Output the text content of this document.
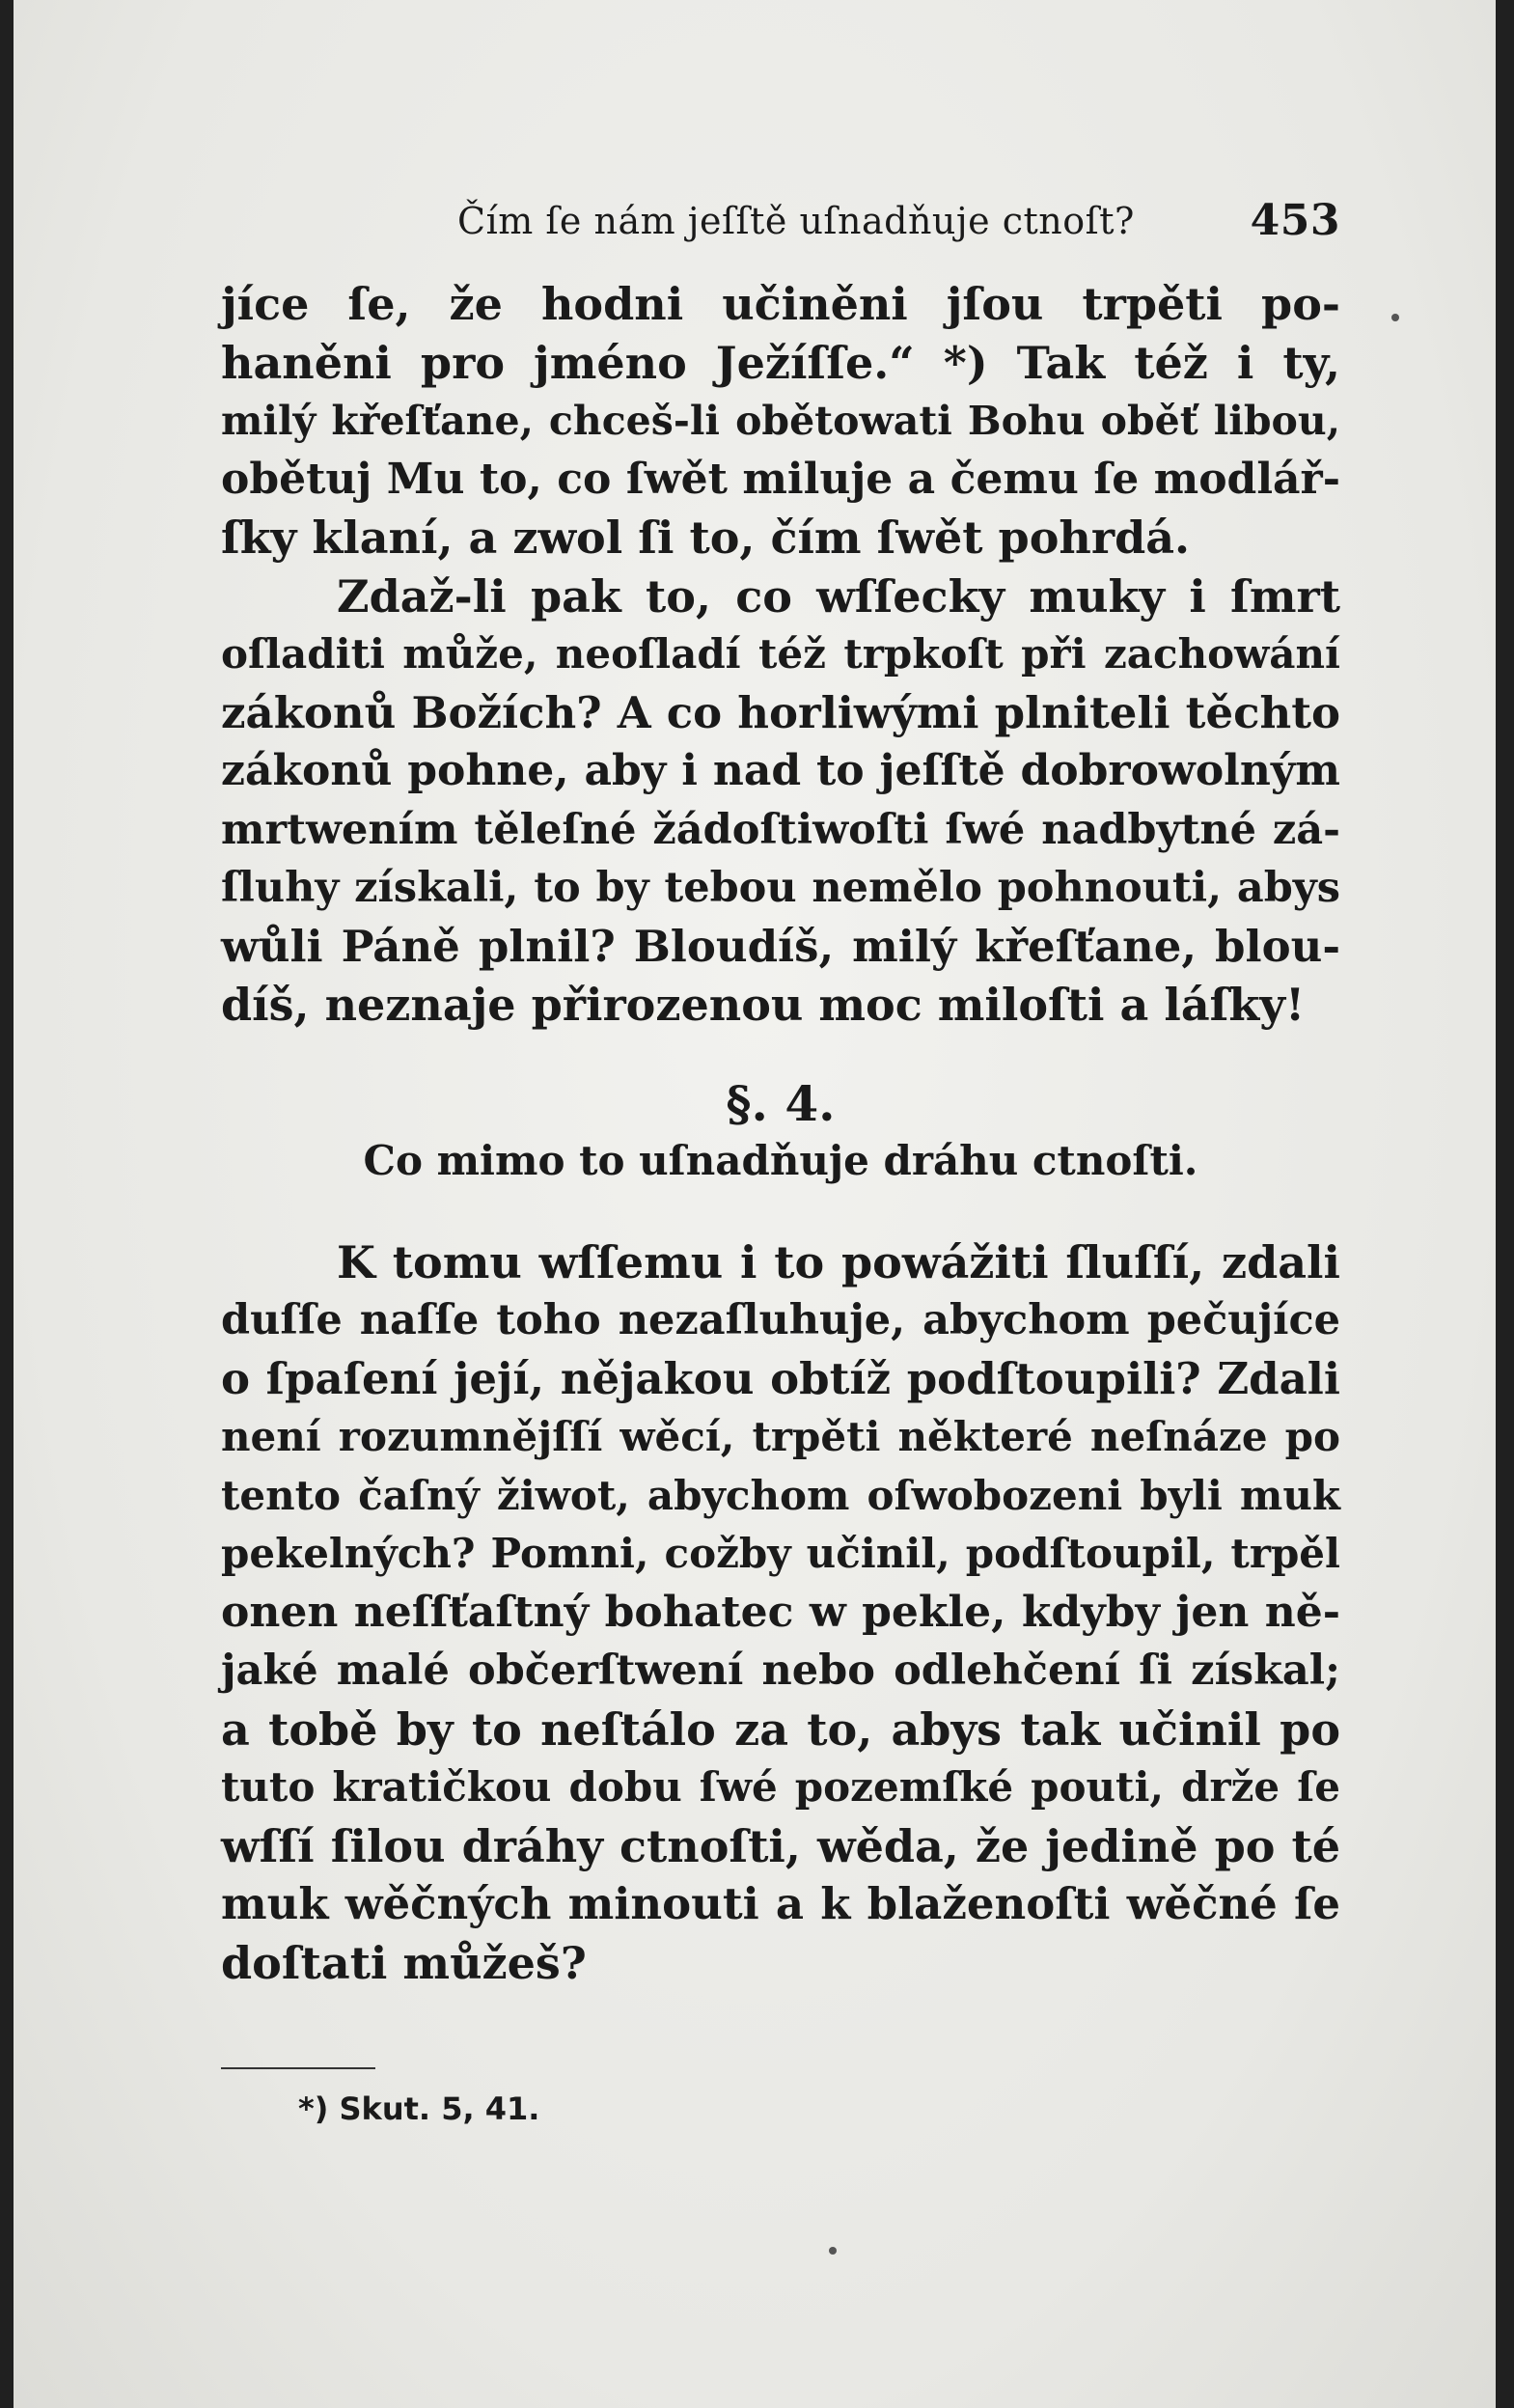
Čím ſe nám jeſſtě uſnadňuje ctnoſt?	453
jíce ſe, že hodni učiněni jſou trpěti po-
haněni pro jméno Ježíſſe.“ *) Tak též i ty,
milý křeſťane, chceš-li obětowati Bohu oběť libou,
obětuj Mu to, co ſwět miluje a čemu ſe modlář-
ſky klaní, a zwol ſi to, čím ſwět pohrdá.
Zdaž-li pak to, co wſſecky muky i ſmrt
oſladiti může, neoſladí též trpkoſt při zachowání
zákonů Božích? A co horliwými plniteli těchto
zákonů pohne, aby i nad to jeſſtě dobrowolným
mrtwením těleſné žádoſtiwoſti ſwé nadbytné zá-
ſluhy získali, to by tebou nemělo pohnouti, abys
wůli Páně plnil? Bloudíš, milý křeſťane, blou-
díš, neznaje přirozenou moc miloſti a láſky!
§. 4.
Co mimo to uſnadňuje dráhu ctnoſti.
K tomu wſſemu i to powážiti ſluſſí, zdali
duſſe naſſe toho nezaſluhuje, abychom pečujíce
o ſpaſení její, nějakou obtíž podſtoupili? Zdali
není rozumnějſſí wěcí, trpěti některé neſnáze po
tento čaſný žiwot, abychom oſwobozeni byli muk
pekelných? Pomni, cožby učinil, podſtoupil, trpěl
onen neſſťaſtný bohatec w pekle, kdyby jen ně-
jaké malé občerſtwení nebo odlehčení ſi získal;
a tobě by to neſtálo za to, abys tak učinil po
tuto kratičkou dobu ſwé pozemſké pouti, drže ſe
wſſí ſilou dráhy ctnoſti, wěda, že jedině po té
muk wěčných minouti a k blaženoſti wěčné ſe
doſtati můžeš?
*) Skut. 5, 41.
